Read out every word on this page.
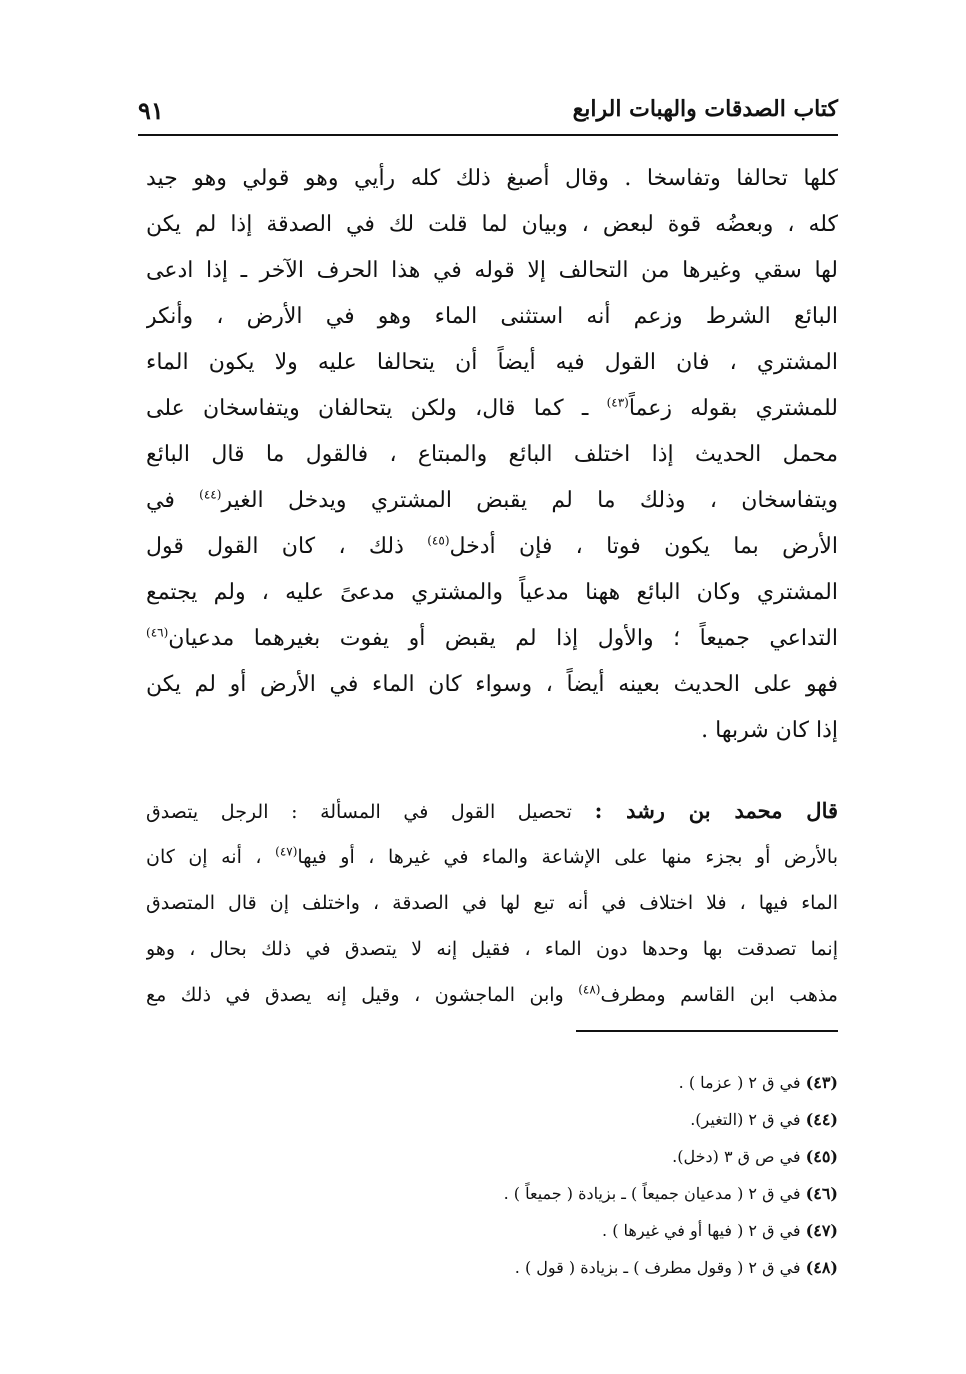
كتاب الصدقات والهبات الرابع
٩١
كلها تحالفا وتفاسخا . وقال أصبغ ذلك كله رأيي وهو قولي وهو جيد
كله ، وبعضُه قوة لبعض ، وبيان لما قلت لك في الصدقة إذا لم يكن
لها سقي وغيرها من التحالف إلا قوله في هذا الحرف الآخر ـ إذا ادعى
البائع الشرط وزعم أنه استثنى الماء وهو في الأرض ، وأنكر
المشتري ، فان القول فيه أيضاً أن يتحالفا عليه ولا يكون الماء
للمشتري بقوله زعماً$^{(٤٣)}$ ـ كما قال، ولكن يتحالفان ويتفاسخان على
محمل الحديث إذا اختلف البائع والمبتاع ، فالقول ما قال البائع
ويتفاسخان ، وذلك ما لم يقبض المشتري ويدخل الغير$^{(٤٤)}$ في
الأرض بما يكون فوتا ، فإن أدخل$^{(٤٥)}$ ذلك ، كان القول قول
المشتري وكان البائع ههنا مدعياً والمشتري مدعىً عليه ، ولم يجتمع
التداعي جميعاً ؛ والأول إذا لم يقبض أو يفوت بغيرهما مدعيان$^{(٤٦)}$
فهو على الحديث بعينه أيضاً ، وسواء كان الماء في الأرض أو لم يكن
إذا كان شربها .
قال محمد بن رشد : تحصيل القول في المسألة : الرجل يتصدق
بالأرض أو بجزء منها على الإشاعة والماء في غيرها ، أو فيها$^{(٤٧)}$ ، أنه إن كان
الماء فيها ، فلا اختلاف في أنه تبع لها في الصدقة ، واختلف إن قال المتصدق
إنما تصدقت بها وحدها دون الماء ، فقيل إنه لا يتصدق في ذلك بحال ، وهو
مذهب ابن القاسم ومطرف$^{(٤٨)}$ وابن الماجشون ، وقيل إنه يصدق في ذلك مع
(٤٣) في ق ٢ ( عزما ) .
(٤٤) في ق ٢ (التغير).
(٤٥) في ص ق ٣ (دخل).
(٤٦) في ق ٢ ( مدعيان جميعاً ) ـ بزيادة ( جميعاً ) .
(٤٧) في ق ٢ ( فيها أو في غيرها ) .
(٤٨) في ق ٢ ( وقول مطرف ) ـ بزيادة ( قول ) .
